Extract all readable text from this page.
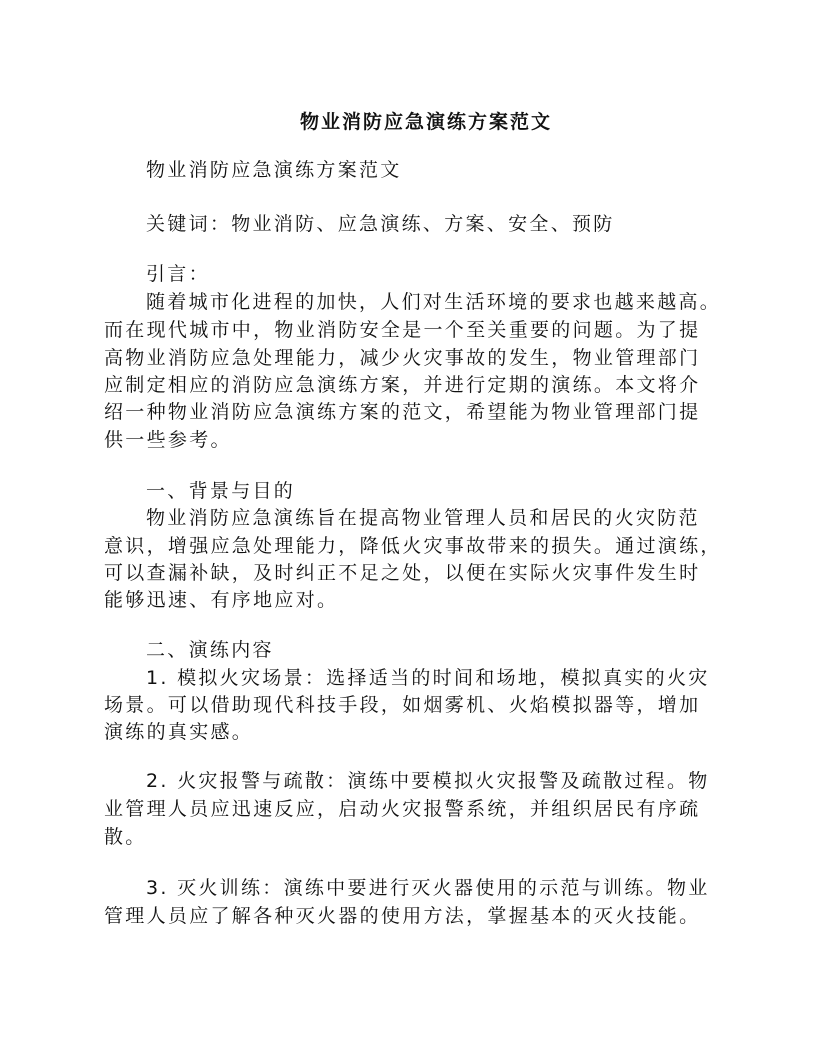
物业消防应急演练方案范文
物业消防应急演练方案范文
关键词：物业消防、应急演练、方案、安全、预防
引言：
随着城市化进程的加快，人们对生活环境的要求也越来越高。
而在现代城市中，物业消防安全是一个至关重要的问题。为了提
高物业消防应急处理能力，减少火灾事故的发生，物业管理部门
应制定相应的消防应急演练方案，并进行定期的演练。本文将介
绍一种物业消防应急演练方案的范文，希望能为物业管理部门提
供一些参考。
一、背景与目的
物业消防应急演练旨在提高物业管理人员和居民的火灾防范
意识，增强应急处理能力，降低火灾事故带来的损失。通过演练，
可以查漏补缺，及时纠正不足之处，以便在实际火灾事件发生时
能够迅速、有序地应对。
二、演练内容
1. 模拟火灾场景：选择适当的时间和场地，模拟真实的火灾
场景。可以借助现代科技手段，如烟雾机、火焰模拟器等，增加
演练的真实感。
2. 火灾报警与疏散：演练中要模拟火灾报警及疏散过程。物
业管理人员应迅速反应，启动火灾报警系统，并组织居民有序疏
散。
3. 灭火训练：演练中要进行灭火器使用的示范与训练。物业
管理人员应了解各种灭火器的使用方法，掌握基本的灭火技能。
